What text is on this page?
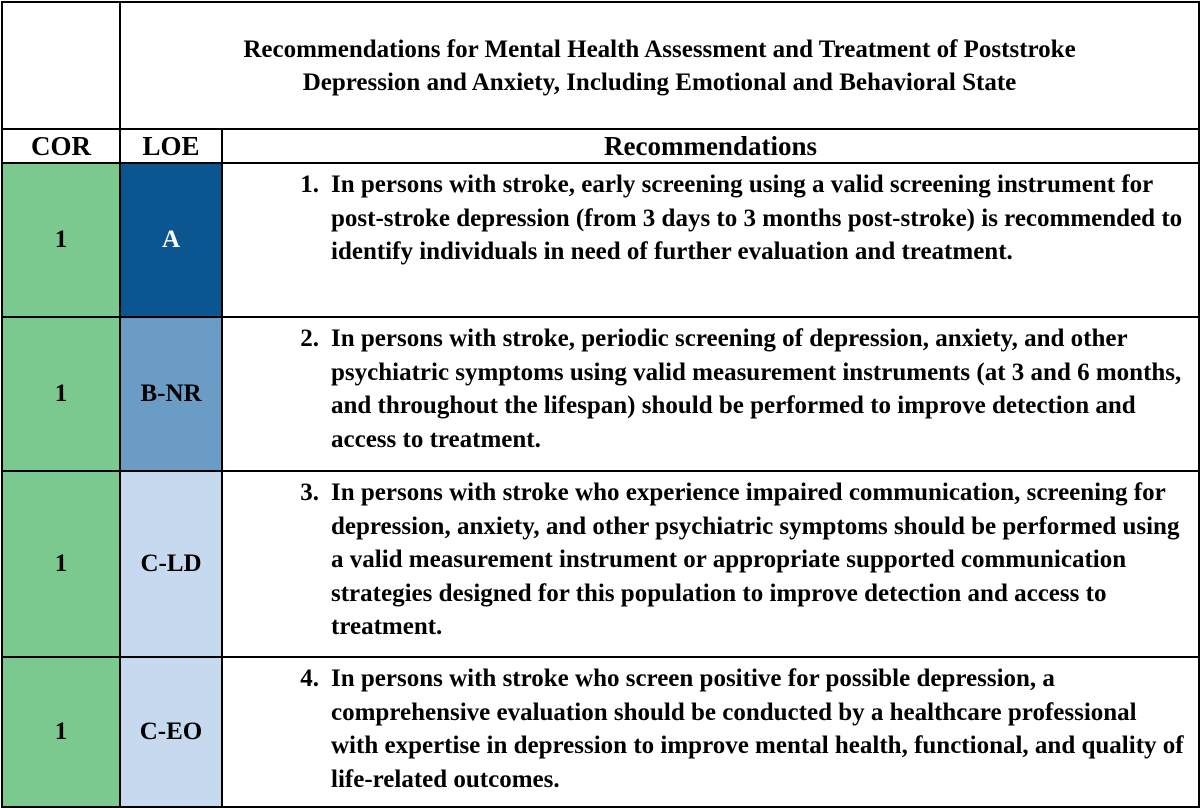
	Recommendations for Mental Health Assessment and Treatment of Poststroke
Depression and Anxiety, Including Emotional and Behavioral State	

COR	LOE	Recommendations
1	A	1. In persons with stroke, early screening using a valid screening instrument for post-stroke depression (from 3 days to 3 months post-stroke) is recommended to identify individuals in need of further evaluation and treatment.

1	B-NR	2. In persons with stroke, periodic screening of depression, anxiety, and other psychiatric symptoms using valid measurement instruments (at 3 and 6 months, and throughout the lifespan) should be performed to improve detection and access to treatment.

1	C-LD	3. In persons with stroke who experience impaired communication, screening for depression, anxiety, and other psychiatric symptoms should be performed using a valid measurement instrument or appropriate supported communication strategies designed for this population to improve detection and access to treatment.

1	C-EO	4. In persons with stroke who screen positive for possible depression, a comprehensive evaluation should be conducted by a healthcare professional with expertise in depression to improve mental health, functional, and quality of life-related outcomes.
